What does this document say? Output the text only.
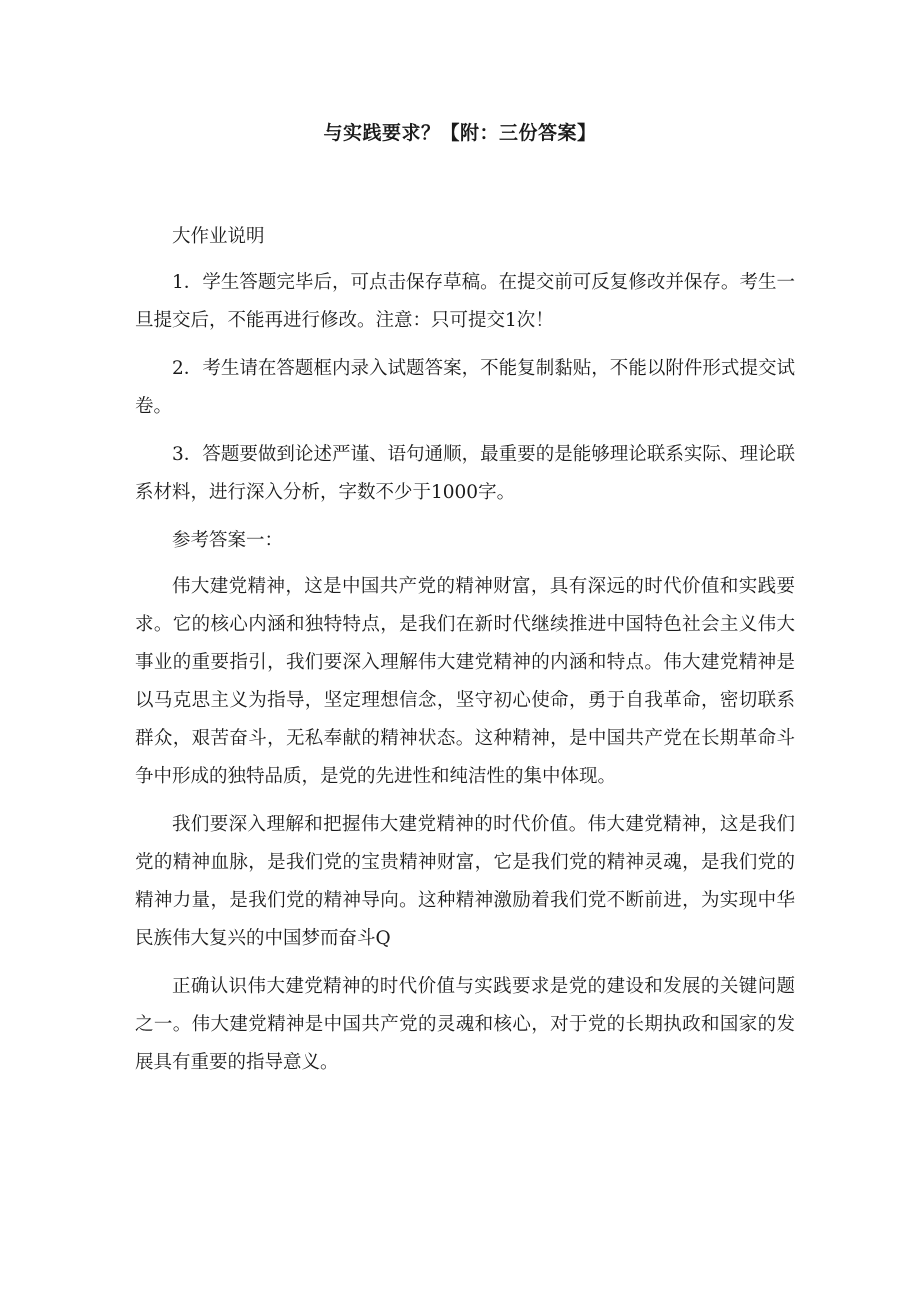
与实践要求？【附：三份答案】

大作业说明

1．学生答题完毕后，可点击保存草稿。在提交前可反复修改并保存。考生一旦提交后，不能再进行修改。注意：只可提交1次！

2．考生请在答题框内录入试题答案，不能复制黏贴，不能以附件形式提交试卷。

3．答题要做到论述严谨、语句通顺，最重要的是能够理论联系实际、理论联系材料，进行深入分析，字数不少于1000字。

参考答案一：

伟大建党精神，这是中国共产党的精神财富，具有深远的时代价值和实践要求。它的核心内涵和独特特点，是我们在新时代继续推进中国特色社会主义伟大事业的重要指引，我们要深入理解伟大建党精神的内涵和特点。伟大建党精神是以马克思主义为指导，坚定理想信念，坚守初心使命，勇于自我革命，密切联系群众，艰苦奋斗，无私奉献的精神状态。这种精神，是中国共产党在长期革命斗争中形成的独特品质，是党的先进性和纯洁性的集中体现。

我们要深入理解和把握伟大建党精神的时代价值。伟大建党精神，这是我们党的精神血脉，是我们党的宝贵精神财富，它是我们党的精神灵魂，是我们党的精神力量，是我们党的精神导向。这种精神激励着我们党不断前进，为实现中华民族伟大复兴的中国梦而奋斗Q

正确认识伟大建党精神的时代价值与实践要求是党的建设和发展的关键问题之一。伟大建党精神是中国共产党的灵魂和核心，对于党的长期执政和国家的发展具有重要的指导意义。
